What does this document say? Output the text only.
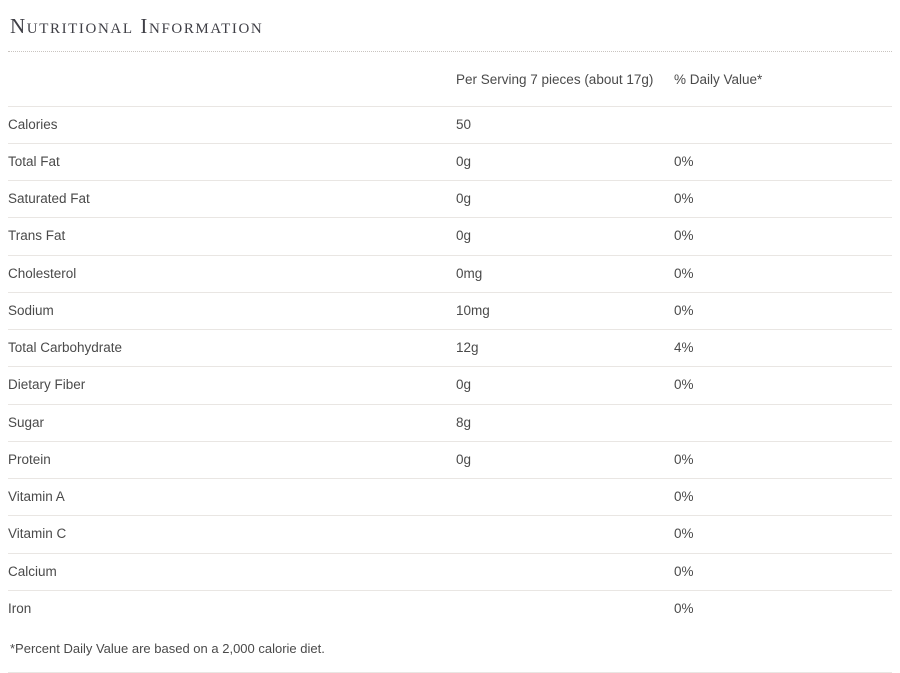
Nutritional Information
	Per Serving 7 pieces (about 17g)	% Daily Value*
Calories	50	
Total Fat	0g	0%
Saturated Fat	0g	0%
Trans Fat	0g	0%
Cholesterol	0mg	0%
Sodium	10mg	0%
Total Carbohydrate	12g	4%
Dietary Fiber	0g	0%
Sugar	8g	
Protein	0g	0%
Vitamin A		0%
Vitamin C		0%
Calcium		0%
Iron		0%
*Percent Daily Value are based on a 2,000 calorie diet.
